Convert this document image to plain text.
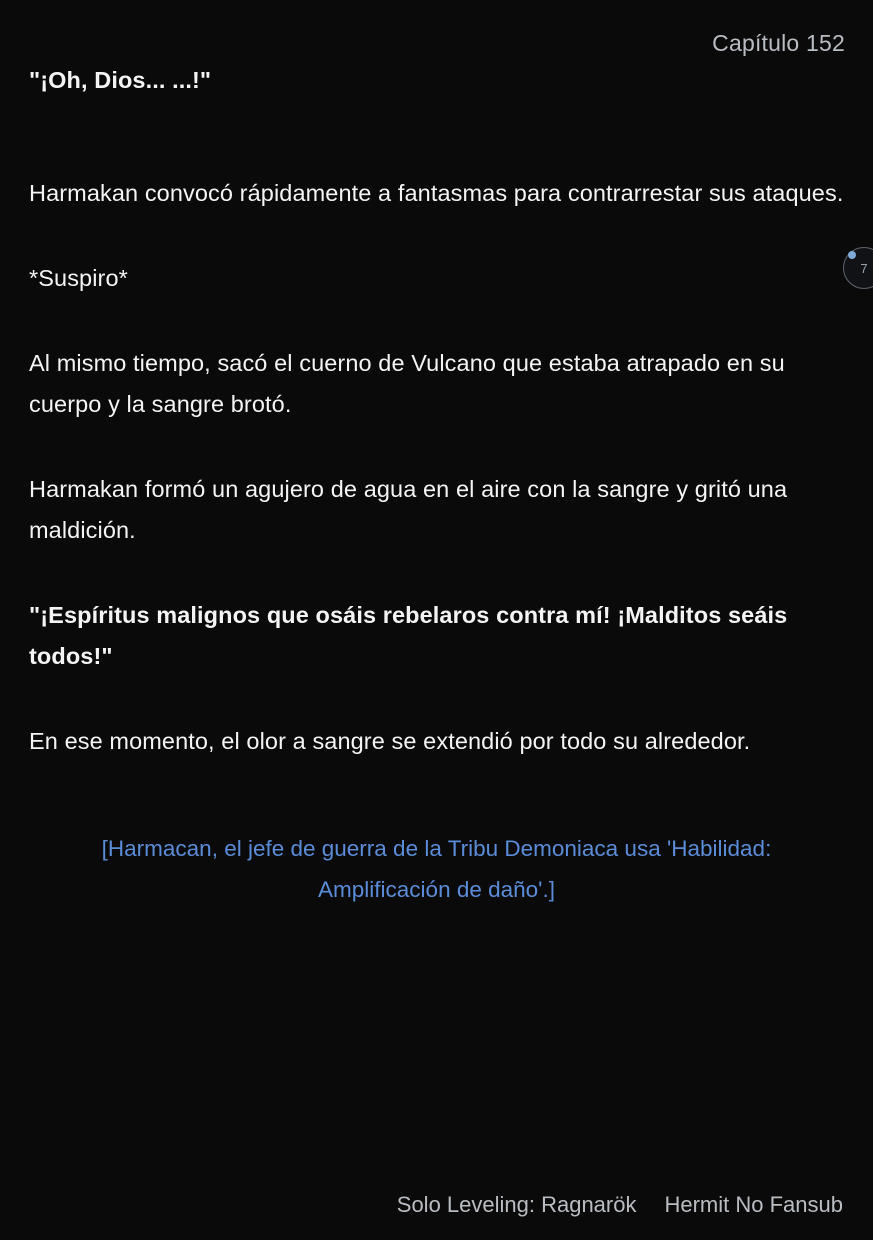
Capítulo 152

"¡Oh, Dios... ...!"

Harmakan convocó rápidamente a fantasmas para contrarrestar sus ataques.

*Suspiro*

Al mismo tiempo, sacó el cuerno de Vulcano que estaba atrapado en su cuerpo y la sangre brotó.

Harmakan formó un agujero de agua en el aire con la sangre y gritó una maldición.

"¡Espíritus malignos que osáis rebelaros contra mí! ¡Malditos seáis todos!"

En ese momento, el olor a sangre se extendió por todo su alrededor.

[Harmacan, el jefe de guerra de la Tribu Demoniaca usa 'Habilidad: Amplificación de daño'.]

7
Solo Leveling: Ragnarök Hermit No Fansub
